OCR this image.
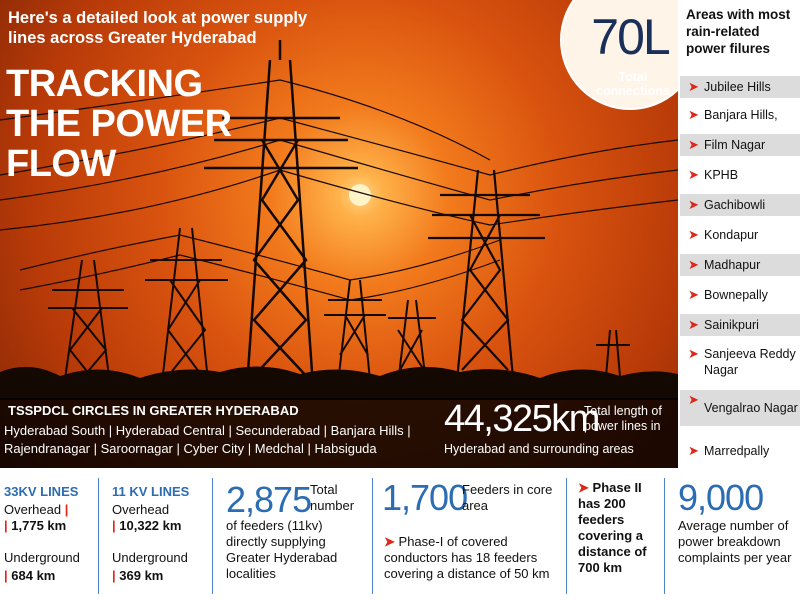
Here's a detailed look at power supply lines across Greater Hyderabad
TRACKING THE POWER FLOW
70L
Total connections
TSSPDCL CIRCLES IN GREATER HYDERABAD
Hyderabad South | Hyderabad Central | Secunderabad | Banjara Hills | Rajendranagar | Saroornagar | Cyber City | Medchal | Habsiguda
44,325km
Total length of power lines in
Hyderabad and surrounding areas
Areas with most rain-related power filures
➤ Jubilee Hills
➤ Banjara Hills,
➤ Film Nagar
➤ KPHB
➤ Gachibowli
➤ Kondapur
➤ Madhapur
➤ Bownepally
➤ Sainikpuri
➤ Sanjeeva Reddy Nagar
➤
Vengalrao Nagar
➤ Marredpally
33KV LINES
Overhead |
| 1,775 km
Underground
| 684 km
11 KV LINES
Overhead
| 10,322 km
Underground
| 369 km
2,875
Total number
of feeders (11kv) directly supplying Greater Hyderabad localities
1,700
Feeders in core area
➤ Phase-I of covered conductors has 18 feeders covering a distance of 50 km
➤ Phase II has 200 feeders covering a distance of 700 km
9,000
Average number of power breakdown complaints per year
